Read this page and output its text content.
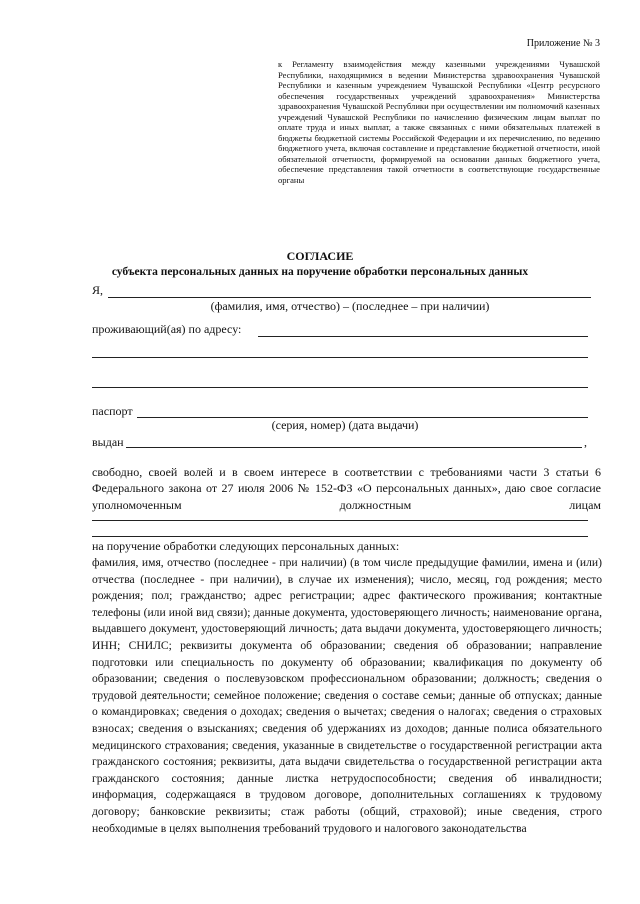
Приложение № 3
к Регламенту взаимодействия между казенными учреждениями Чувашской Республики, находящимися в ведении Министерства здравоохранения Чувашской Республики и казенным учреждением Чувашской Республики «Центр ресурсного обеспечения государственных учреждений здравоохранения» Министерства здравоохранения Чувашской Республики при осуществлении им полномочий казенных учреждений Чувашской Республики по начислению физическим лицам выплат по оплате труда и иных выплат, а также связанных с ними обязательных платежей в бюджеты бюджетной системы Российской Федерации и их перечислению, по ведению бюджетного учета, включая составление и представление бюджетной отчетности, иной обязательной отчетности, формируемой на основании данных бюджетного учета, обеспечение представления такой отчетности в соответствующие государственные органы
СОГЛАСИЕ
субъекта персональных данных на поручение обработки персональных данных
Я,
(фамилия, имя, отчество) – (последнее – при наличии)
проживающий(ая) по адресу:
паспорт
(серия, номер) (дата выдачи)
выдан	,
свободно, своей волей и в своем интересе в соответствии с требованиями части 3 статьи 6 Федерального закона от 27 июля 2006 № 152-ФЗ «О персональных данных», даю свое согласие уполномоченным должностным лицам
на поручение обработки следующих персональных данных:
фамилия, имя, отчество (последнее - при наличии) (в том числе предыдущие фамилии, имена и (или) отчества (последнее - при наличии), в случае их изменения); число, месяц, год рождения; место рождения; пол; гражданство; адрес регистрации; адрес фактического проживания; контактные телефоны (или иной вид связи); данные документа, удостоверяющего личность; наименование органа, выдавшего документ, удостоверяющий личность; дата выдачи документа, удостоверяющего личность; ИНН; СНИЛС; реквизиты документа об образовании; сведения об образовании; направление подготовки или специальность по документу об образовании; квалификация по документу об образовании; сведения о послевузовском профессиональном образовании; должность; сведения о трудовой деятельности; семейное положение; сведения о составе семьи; данные об отпусках; данные о командировках; сведения о доходах; сведения о вычетах; сведения о налогах; сведения о страховых взносах; сведения о взысканиях; сведения об удержаниях из доходов; данные полиса обязательного медицинского страхования; сведения, указанные в свидетельстве о государственной регистрации акта гражданского состояния; реквизиты, дата выдачи свидетельства о государственной регистрации акта гражданского состояния; данные листка нетрудоспособности; сведения об инвалидности; информация, содержащаяся в трудовом договоре, дополнительных соглашениях к трудовому договору; банковские реквизиты; стаж работы (общий, страховой); иные сведения, строго необходимые в целях выполнения требований трудового и налогового законодательства
